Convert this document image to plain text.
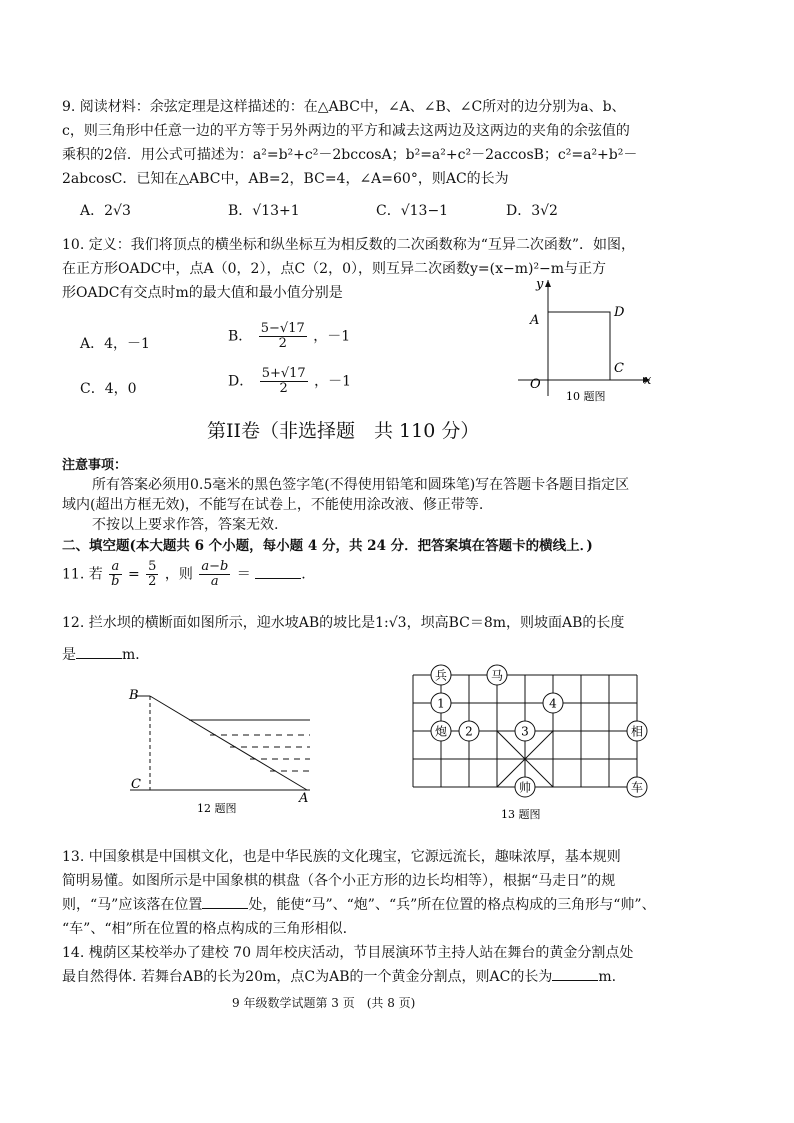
9. 阅读材料：余弦定理是这样描述的：在△ABC中，∠A、∠B、∠C所对的边分别为a、b、
c，则三角形中任意一边的平方等于另外两边的平方和减去这两边及这两边的夹角的余弦值的
乘积的2倍．用公式可描述为：a²=b²+c²－2bccosA；b²=a²+c²－2accosB；c²=a²+b²－
2abcosC．已知在△ABC中，AB=2，BC=4，∠A=60°，则AC的长为
A．2√3	B．√13+1	C．√13−1	D．3√2
10. 定义：我们将顶点的横坐标和纵坐标互为相反数的二次函数称为“互异二次函数”．如图，
在正方形OADC中，点A（0，2），点C（2，0），则互异二次函数y=(x−m)²−m与正方
形OADC有交点时m的最大值和最小值分别是
A．4，－1	B． $\frac{5-√17}{2}$ ，－1
C．4，0	D． $\frac{5+√17}{2}$ ，－1
y
x
A
D
O
C
10 题图
第II卷（非选择题　共 110 分）
注意事项：
所有答案必须用0.5毫米的黑色签字笔(不得使用铅笔和圆珠笔)写在答题卡各题目指定区
域内(超出方框无效)，不能写在试卷上，不能使用涂改液、修正带等.
不按以上要求作答，答案无效.
二、填空题(本大题共 6 个小题，每小题 4 分，共 24 分．把答案填在答题卡的横线上．)
11. 若 $\frac{a}{b} = \frac{5}{2}$ ，则 $\frac{a-b}{a}$ ＝	.
12. 拦水坝的横断面如图所示，迎水坡AB的坡比是1:√3，坝高BC＝8m，则坡面AB的长度
是	m．
B
C
A
12 题图
兵	马
1	4
炮 2	3	相
帅	车
13 题图
13. 中国象棋是中国棋文化，也是中华民族的文化瑰宝，它源远流长，趣味浓厚，基本规则
简明易懂。如图所示是中国象棋的棋盘（各个小正方形的边长均相等），根据“马走日”的规
则，“马”应该落在位置	处，能使“马”、“炮”、“兵”所在位置的格点构成的三角形与“帅”、
“车”、“相”所在位置的格点构成的三角形相似.
14. 槐荫区某校举办了建校 70 周年校庆活动，节目展演环节主持人站在舞台的黄金分割点处
最自然得体. 若舞台AB的长为20m，点C为AB的一个黄金分割点，则AC的长为	m.
9 年级数学试题第 3 页　(共 8 页)
